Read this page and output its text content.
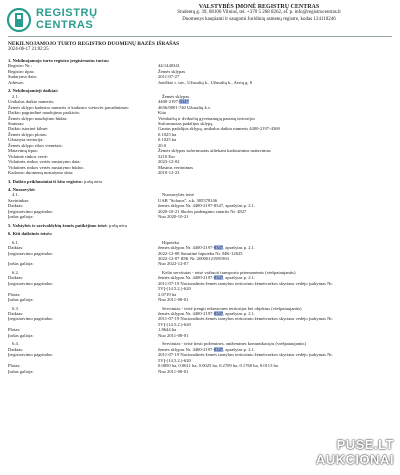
REGISTRŲ
CENTRAS
VALSTYBĖS ĮMONĖ REGISTRŲ CENTRAS
Studentų g. 39, 08106 Vilnius, tel. +370 5 268 8262, el. p. info@registrucentras.lt
Duomenys kaupiami ir saugomi Juridinių asmenų registre, kodas 124110246
NEKILNOJAMOJO TURTO REGISTRO DUOMENŲ BAZĖS IŠRAŠAS
2024-06-17 21:02:25
1. Nekilnojamojo turto registro įregistruotas turtas:
Registro Nr.:	44/1440341
Registro tipas:	Žemės sklypas
Sudarymo data:	2011-07-27
Adresas:	Joniškio r. sav., Užusalių k., Užusalių k., Aerių g. 8
2. Nekilnojamieji daiktai:
2.1.	Žemės sklypas
Unikalus daikto numeris:	4400-2197-8347
Žemės sklypo kadastro numeris ir kadastro vietovės pavadinimas:	4656/0001:740 Užusalių k.v.
Daikto pagrindinė naudojimo paskirtis:	Kita
Žemės sklypo naudojimo būdas:	Vienbučių ir dvibučių gyvenamųjų pastatų teritorijos
Statusas:	Suformuotas padalijus sklypą
Daikto istorinė kilmė:	Gautas padalijus sklypą, unikalus daikto numeris 4400-2197-4369
Žemės sklypo plotas:	0.1025 ha
Užstatyta teritorija:	0.1025 ha
Žemės sklypo ribos vienetais:	20.0
Matavimų tipas:	Žemės sklypas suformuotas atliekant kadastrinius matavimus
Vidutinė rinkos vertė:	3210 Eur
Vidutinės rinkos vertės nustatymo data:	2023-12-02
Vidutinės rinkos vertės nustatymo būdas:	Masinis vertinimas
Kadastro duomenų nustatymo data:	2010-12-23
3. Daikto priklausiniai iš kito registro: įrašų nėra
4. Nuosavybė:
4.1.	Nuosavybės teisė
Savininkas:	UAB "Solarus", a.k. 305578146
Daiktas:	žemės sklypas Nr. 4400-2197-8347, aprašytas p. 2.1.
Įregistravimo pagrindas:	2020-10-21 Skolos padengimo sutartis Nr. 4827
Įrašas galioja:	Nuo 2020-10-21
5. Valstybės ir savivaldybių žemės patikėjimo teisė: įrašų nėra
6. Kiti daiktinės teisės:
6.1.	Hipoteka
Daiktas:	žemės sklypas Nr. 4400-2197-8347, aprašytas p. 2.1.
Įregistravimo pagrindas:	2022-12-08 Sutartinė hipoteka Nr. MK-12635
2022-12-07 IDK Nr. 20000121981963
Įrašas galioja:	Nuo 2022-12-07
6.2.	Kelio servitutas - teisė važiuoti transporto priemonėmis (viešpataujantis)
Daiktas:	žemės sklypas Nr. 4400-2197-8347, aprašytas p. 2.1.
Įregistravimo pagrindas:	2011-07-19 Nacionalinės žemės tarnybos teritorinio žemėtvarkos skyriaus vedėjo įsakymas Nr.
5VĮ-(14.5.2.)-620
Plotas:	2.0719 ha
Įrašas galioja:	Nuo 2011-08-01
6.3.	Servitutas - teisė įrengti rekreacines teritorijas bei objektus (viešpataujantis)
Daiktas:	žemės sklypas Nr. 4400-2197-8347, aprašytas p. 2.1.
Įregistravimo pagrindas:	2011-07-19 Nacionalinės žemės tarnybos teritorinio žemėtvarkos skyriaus vedėjo įsakymas Nr.
5VĮ-(14.5.2.)-620
Plotas:	1.8644 ha
Įrašas galioja:	Nuo 2011-08-01
6.4.	Servitutas - teisė tiesti požemines, antžemines komunikacijas (viešpataujantis)
Daiktas:	žemės sklypas Nr. 4400-2197-8347, aprašytas p. 2.1.
Įregistravimo pagrindas:	2011-07-19 Nacionalinės žemės tarnybos teritorinio žemėtvarkos skyriaus vedėjo įsakymas Nr.
5VĮ-(14.5.2.)-620
Plotas:	0.0850 ha, 0.0611 ha, 0.0025 ha, 0.2709 ha, 0.1760 ha, 0.0113 ha
Įrašas galioja:	Nuo 2011-08-01
PUSE.LT
AUKCIONAI
